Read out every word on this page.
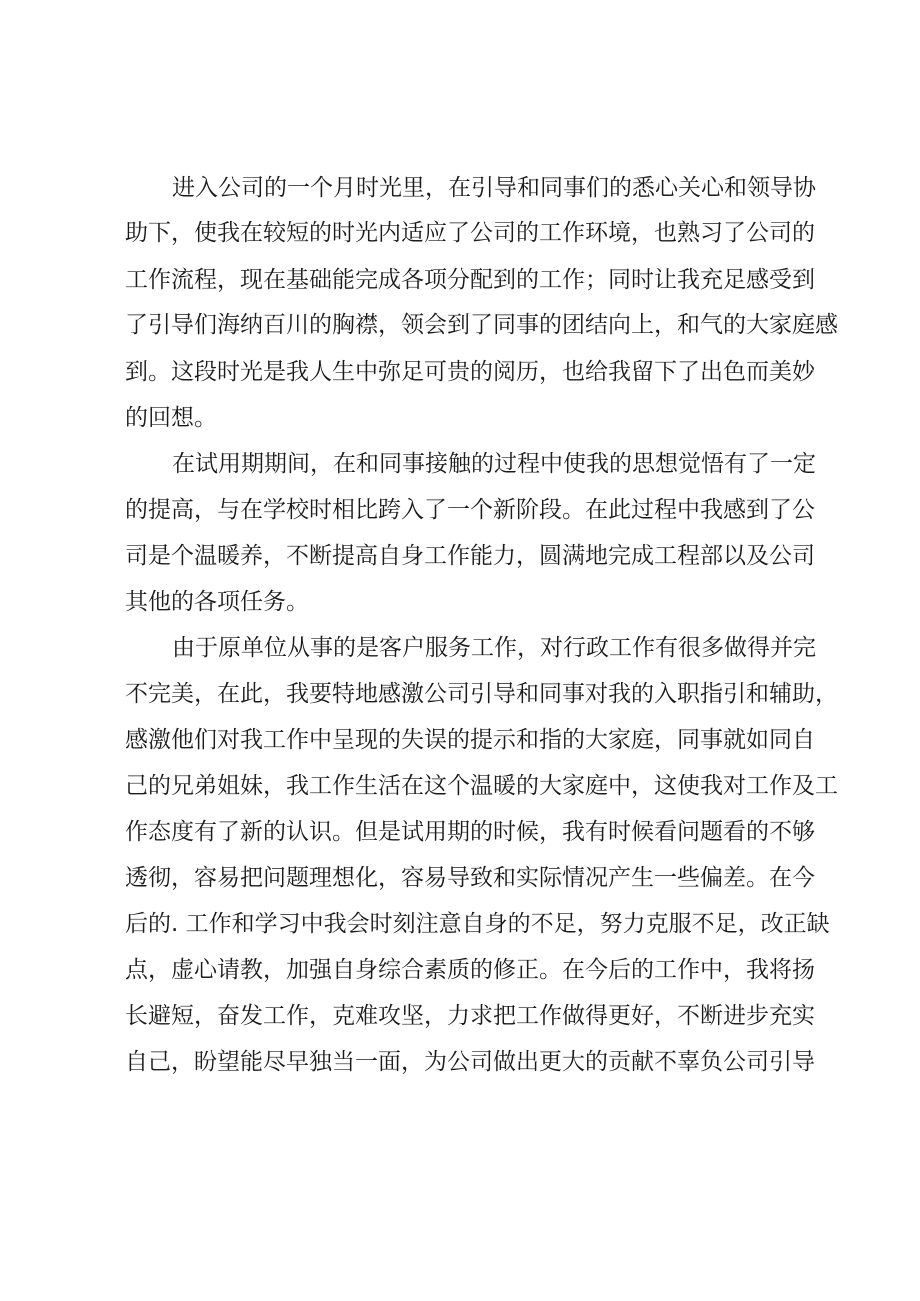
进入公司的一个月时光里，在引导和同事们的悉心关心和领导协
助下，使我在较短的时光内适应了公司的工作环境，也熟习了公司的
工作流程，现在基础能完成各项分配到的工作；同时让我充足感受到
了引导们海纳百川的胸襟，领会到了同事的团结向上，和气的大家庭感
到。这段时光是我人生中弥足可贵的阅历，也给我留下了出色而美妙
的回想。
在试用期期间，在和同事接触的过程中使我的思想觉悟有了一定
的提高，与在学校时相比跨入了一个新阶段。在此过程中我感到了公
司是个温暖养，不断提高自身工作能力，圆满地完成工程部以及公司
其他的各项任务。
由于原单位从事的是客户服务工作，对行政工作有很多做得并完
不完美，在此，我要特地感激公司引导和同事对我的入职指引和辅助，
感激他们对我工作中呈现的失误的提示和指的大家庭，同事就如同自
己的兄弟姐妹，我工作生活在这个温暖的大家庭中，这使我对工作及工
作态度有了新的认识。但是试用期的时候，我有时候看问题看的不够
透彻，容易把问题理想化，容易导致和实际情况产生一些偏差。在今
后的. 工作和学习中我会时刻注意自身的不足，努力克服不足，改正缺
点，虚心请教，加强自身综合素质的修正。在今后的工作中，我将扬
长避短，奋发工作，克难攻坚，力求把工作做得更好，不断进步充实
自己，盼望能尽早独当一面，为公司做出更大的贡献不辜负公司引导
